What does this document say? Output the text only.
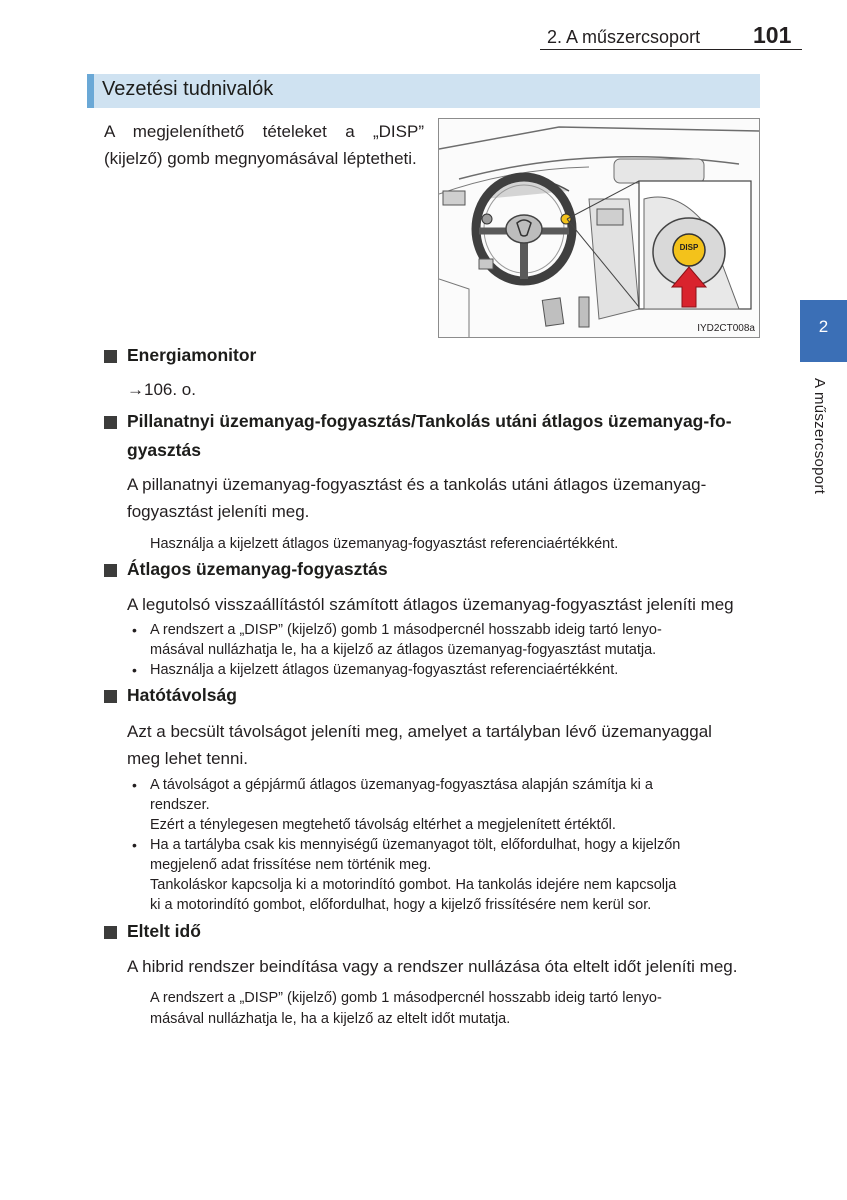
2. A műszercsoport 101
Vezetési tudnivalók
A megjeleníthető tételeket a „DISP” (kijelző) gomb megnyomásával léptetheti.
DISP
IYD2CT008a	2
A műszercsoport
Energiamonitor
→106. o.
Pillanatnyi üzemanyag-fogyasztás/Tankolás utáni átlagos üzemanyag-fo-
gyasztás
A pillanatnyi üzemanyag-fogyasztást és a tankolás utáni átlagos üzemanyag-
fogyasztást jeleníti meg.
Használja a kijelzett átlagos üzemanyag-fogyasztást referenciaértékként.
Átlagos üzemanyag-fogyasztás
A legutolsó visszaállítástól számított átlagos üzemanyag-fogyasztást jeleníti meg
• A rendszert a „DISP” (kijelző) gomb 1 másodpercnél hosszabb ideig tartó lenyo-
másával nullázhatja le, ha a kijelző az átlagos üzemanyag-fogyasztást mutatja.
• Használja a kijelzett átlagos üzemanyag-fogyasztást referenciaértékként.
Hatótávolság
Azt a becsült távolságot jeleníti meg, amelyet a tartályban lévő üzemanyaggal
meg lehet tenni.
• A távolságot a gépjármű átlagos üzemanyag-fogyasztása alapján számítja ki a
rendszer.
Ezért a ténylegesen megtehető távolság eltérhet a megjelenített értéktől.
• Ha a tartályba csak kis mennyiségű üzemanyagot tölt, előfordulhat, hogy a kijelzőn
megjelenő adat frissítése nem történik meg.
Tankoláskor kapcsolja ki a motorindító gombot. Ha tankolás idejére nem kapcsolja
ki a motorindító gombot, előfordulhat, hogy a kijelző frissítésére nem kerül sor.
Eltelt idő
A hibrid rendszer beindítása vagy a rendszer nullázása óta eltelt időt jeleníti meg.
A rendszert a „DISP” (kijelző) gomb 1 másodpercnél hosszabb ideig tartó lenyo-
másával nullázhatja le, ha a kijelző az eltelt időt mutatja.
